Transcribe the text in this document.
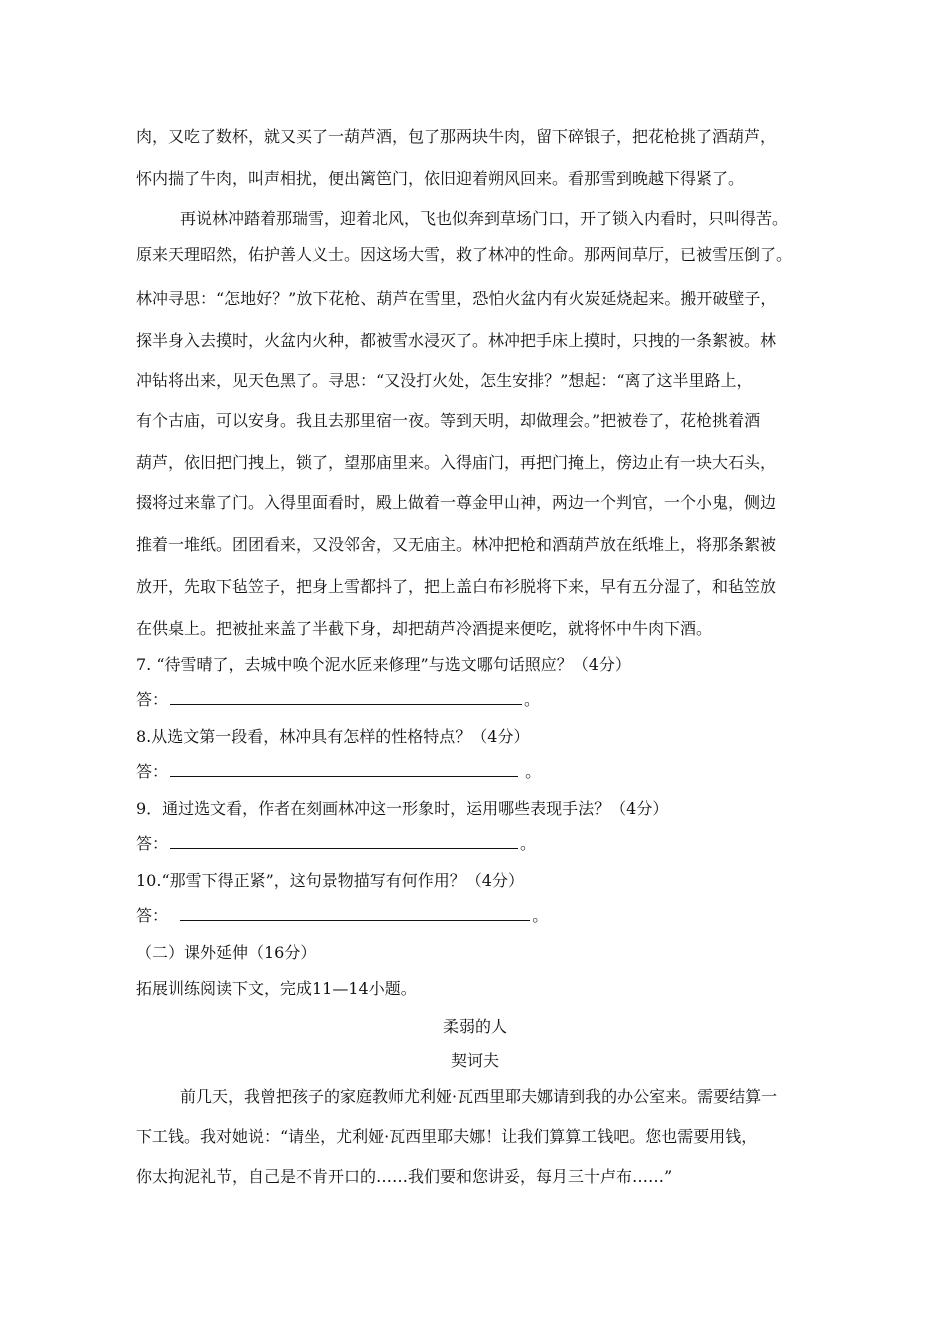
肉，又吃了数杯，就又买了一葫芦酒，包了那两块牛肉，留下碎银子，把花枪挑了酒葫芦，
怀内揣了牛肉，叫声相扰，便出篱笆门，依旧迎着朔风回来。看那雪到晚越下得紧了。
再说林冲踏着那瑞雪，迎着北风，飞也似奔到草场门口，开了锁入内看时，只叫得苦。
原来天理昭然，佑护善人义士。因这场大雪，救了林冲的性命。那两间草厅，已被雪压倒了。
林冲寻思：“怎地好？”放下花枪、葫芦在雪里，恐怕火盆内有火炭延烧起来。搬开破壁子，
探半身入去摸时，火盆内火种，都被雪水浸灭了。林冲把手床上摸时，只拽的一条絮被。林
冲钻将出来，见天色黑了。寻思：“又没打火处，怎生安排？”想起：“离了这半里路上，
有个古庙，可以安身。我且去那里宿一夜。等到天明，却做理会。”把被卷了，花枪挑着酒
葫芦，依旧把门拽上，锁了，望那庙里来。入得庙门，再把门掩上，傍边止有一块大石头，
掇将过来靠了门。入得里面看时，殿上做着一尊金甲山神，两边一个判官，一个小鬼，侧边
推着一堆纸。团团看来，又没邻舍，又无庙主。林冲把枪和酒葫芦放在纸堆上，将那条絮被
放开，先取下毡笠子，把身上雪都抖了，把上盖白布衫脱将下来，早有五分湿了，和毡笠放
在供桌上。把被扯来盖了半截下身，却把葫芦冷酒提来便吃，就将怀中牛肉下酒。
7. “待雪晴了，去城中唤个泥水匠来修理”与选文哪句话照应？（4分）
答：	。
8.从选文第一段看，林冲具有怎样的性格特点？（4分）
答：	。
9．通过选文看，作者在刻画林冲这一形象时，运用哪些表现手法？（4分）
答：	。
10.“那雪下得正紧”，这句景物描写有何作用？（4分）
答：	。
（二）课外延伸（16分）
拓展训练阅读下文，完成11—14小题。
柔弱的人
契诃夫
前几天，我曾把孩子的家庭教师尤利娅·瓦西里耶夫娜请到我的办公室来。需要结算一
下工钱。我对她说：“请坐，尤利娅·瓦西里耶夫娜！让我们算算工钱吧。您也需要用钱，
你太拘泥礼节，自己是不肯开口的……我们要和您讲妥，每月三十卢布……”
